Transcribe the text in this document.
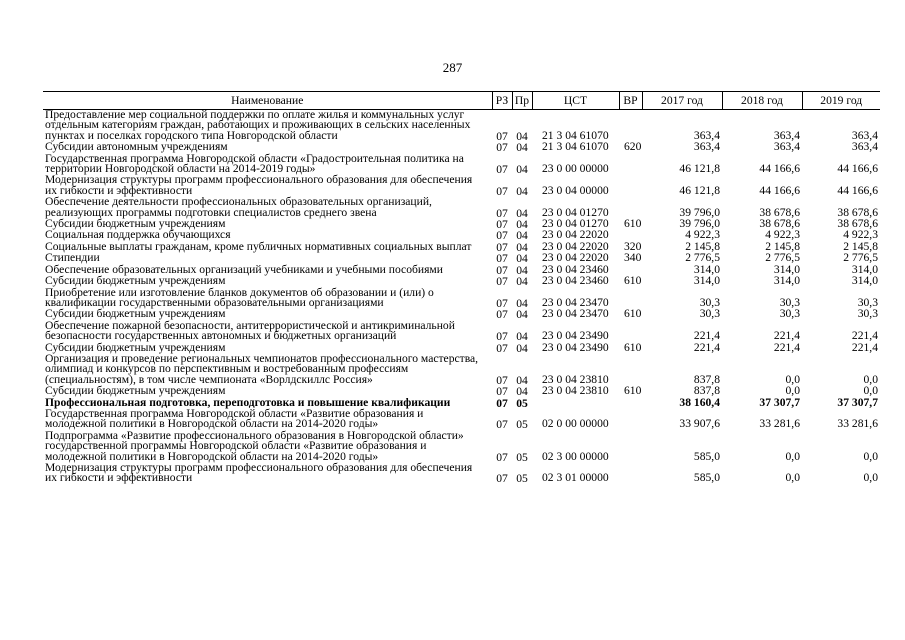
287
Наименование	РЗ	Пр	ЦСТ	ВР	2017 год	2018 год	2019 год
Предоставление мер социальной поддержки по оплате жилья и коммунальных услуг отдельным категориям граждан, работающих и проживающих в сельских населенных пунктах и поселках городского типа Новгородской области	07	04	21 3 04 61070		363,4	363,4	363,4
Субсидии автономным учреждениям	07	04	21 3 04 61070	620	363,4	363,4	363,4
Государственная программа Новгородской области «Градостроительная политика на территории Новгородской области на 2014-2019 годы»	07	04	23 0 00 00000		46 121,8	44 166,6	44 166,6
Модернизация структуры программ профессионального образования для обеспечения их гибкости и эффективности	07	04	23 0 04 00000		46 121,8	44 166,6	44 166,6
Обеспечение деятельности профессиональных образовательных организаций, реализующих программы подготовки специалистов среднего звена	07	04	23 0 04 01270		39 796,0	38 678,6	38 678,6
Субсидии бюджетным учреждениям	07	04	23 0 04 01270	610	39 796,0	38 678,6	38 678,6
Социальная поддержка обучающихся	07	04	23 0 04 22020		4 922,3	4 922,3	4 922,3
Социальные выплаты гражданам, кроме публичных нормативных социальных выплат	07	04	23 0 04 22020	320	2 145,8	2 145,8	2 145,8
Стипендии	07	04	23 0 04 22020	340	2 776,5	2 776,5	2 776,5
Обеспечение образовательных организаций учебниками и учебными пособиями	07	04	23 0 04 23460		314,0	314,0	314,0
Субсидии бюджетным учреждениям	07	04	23 0 04 23460	610	314,0	314,0	314,0
Приобретение или изготовление бланков документов об образовании и (или) о квалификации государственными образовательными организациями	07	04	23 0 04 23470		30,3	30,3	30,3
Субсидии бюджетным учреждениям	07	04	23 0 04 23470	610	30,3	30,3	30,3
Обеспечение пожарной безопасности, антитеррористической и антикриминальной безопасности государственных автономных и бюджетных организаций	07	04	23 0 04 23490		221,4	221,4	221,4
Субсидии бюджетным учреждениям	07	04	23 0 04 23490	610	221,4	221,4	221,4
Организация и проведение региональных чемпионатов профессионального мастерства, олимпиад и конкурсов по перспективным и востребованным профессиям (специальностям), в том числе чемпионата «Ворлдскиллс Россия»	07	04	23 0 04 23810		837,8	0,0	0,0
Субсидии бюджетным учреждениям	07	04	23 0 04 23810	610	837,8	0,0	0,0
Профессиональная подготовка, переподготовка и повышение квалификации	07	05			38 160,4	37 307,7	37 307,7
Государственная программа Новгородской области «Развитие образования и молодежной политики в Новгородской области на 2014-2020 годы»	07	05	02 0 00 00000		33 907,6	33 281,6	33 281,6
Подпрограмма «Развитие профессионального образования в Новгородской области» государственной программы Новгородской области «Развитие образования и молодежной политики в Новгородской области на 2014-2020 годы»	07	05	02 3 00 00000		585,0	0,0	0,0
Модернизация структуры программ профессионального образования для обеспечения их гибкости и эффективности	07	05	02 3 01 00000		585,0	0,0	0,0
